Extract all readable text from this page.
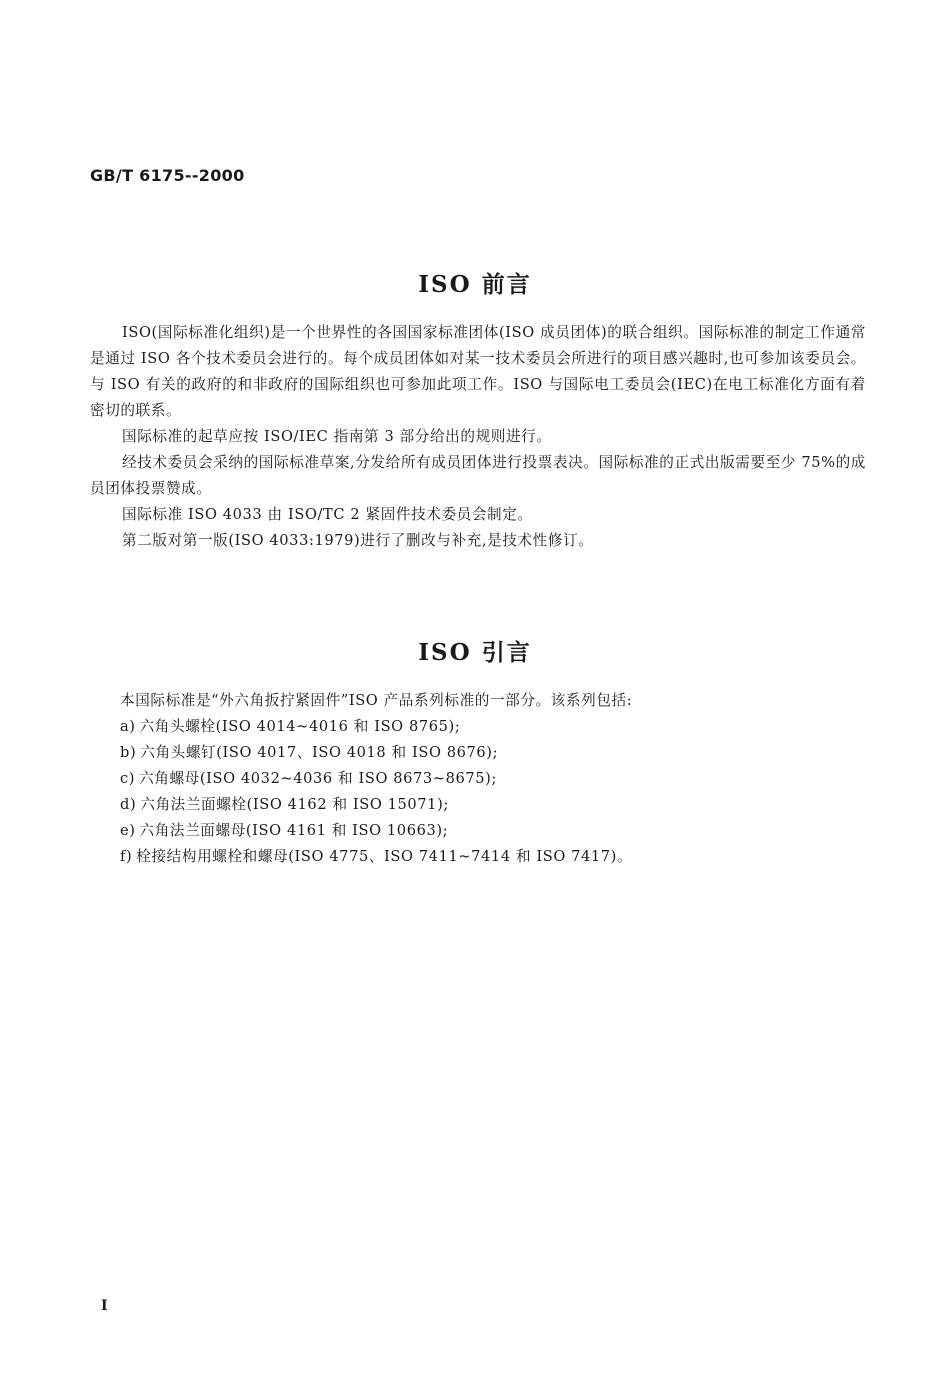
GB/T 6175--2000
ISO 前言

ISO(国际标准化组织)是一个世界性的各国国家标准团体(ISO 成员团体)的联合组织。国际标准的制定工作通常是通过 ISO 各个技术委员会进行的。每个成员团体如对某一技术委员会所进行的项目感兴趣时,也可参加该委员会。与 ISO 有关的政府的和非政府的国际组织也可参加此项工作。ISO 与国际电工委员会(IEC)在电工标准化方面有着密切的联系。

国际标准的起草应按 ISO/IEC 指南第 3 部分给出的规则进行。

经技术委员会采纳的国际标准草案,分发给所有成员团体进行投票表决。国际标准的正式出版需要至少 75%的成员团体投票赞成。

国际标准 ISO 4033 由 ISO/TC 2 紧固件技术委员会制定。

第二版对第一版(ISO 4033:1979)进行了删改与补充,是技术性修订。

ISO 引言

本国际标准是“外六角扳拧紧固件”ISO 产品系列标准的一部分。该系列包括:

a) 六角头螺栓(ISO 4014~4016 和 ISO 8765);
b) 六角头螺钉(ISO 4017、ISO 4018 和 ISO 8676);
c) 六角螺母(ISO 4032~4036 和 ISO 8673~8675);
d) 六角法兰面螺栓(ISO 4162 和 ISO 15071);
e) 六角法兰面螺母(ISO 4161 和 ISO 10663);
f) 栓接结构用螺栓和螺母(ISO 4775、ISO 7411~7414 和 ISO 7417)。
I
